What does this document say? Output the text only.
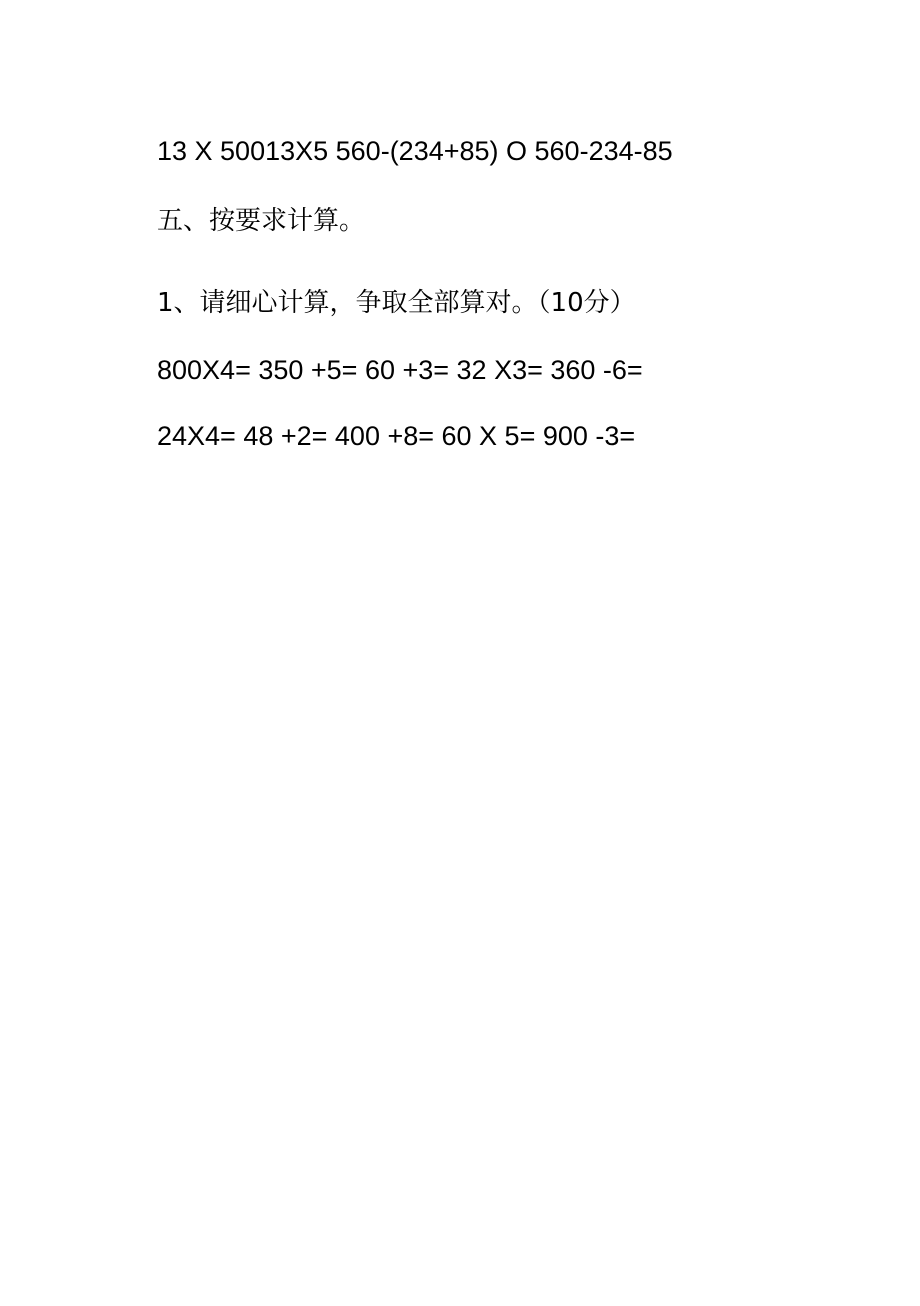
13 X 50013X5 560-(234+85) O 560-234-85
五、按要求计算。
1、请细心计算，争取全部算对。（10分）
800X4= 350 +5= 60 +3= 32 X3= 360 -6=
24X4= 48 +2= 400 +8= 60 X 5= 900 -3=
